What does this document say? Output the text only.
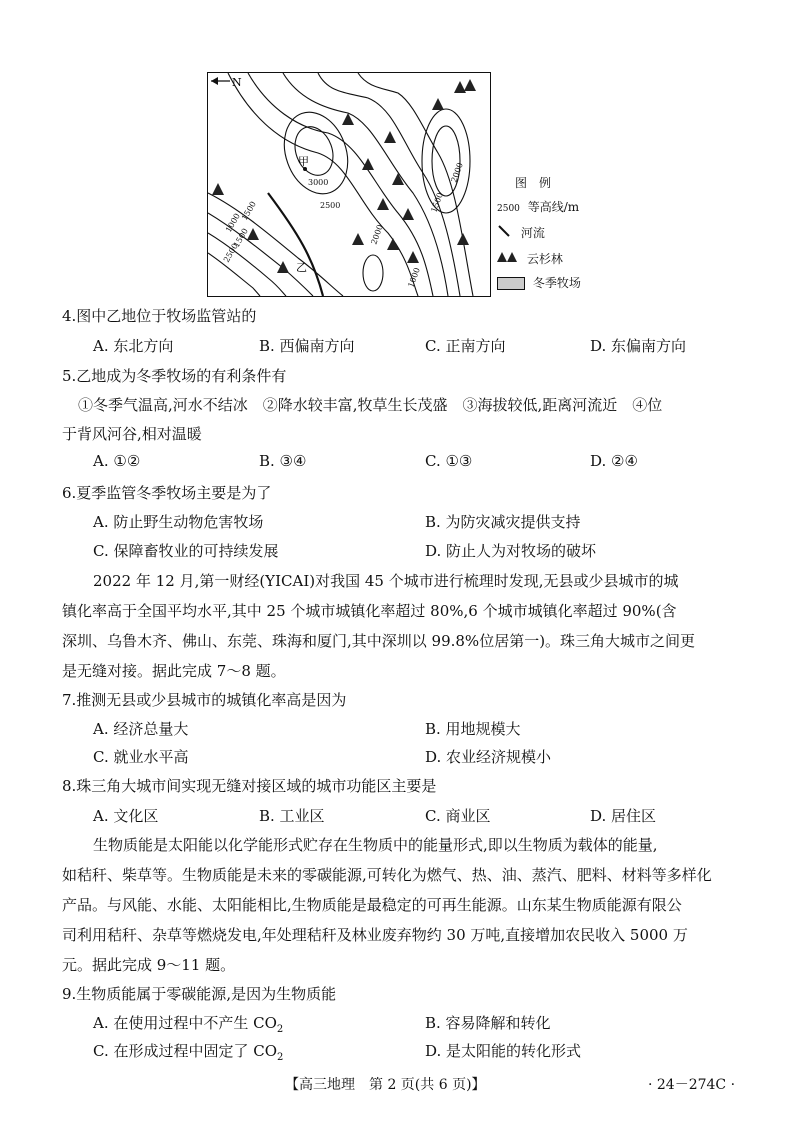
N
甲
乙
3000
2500
1500
1000
1500
2500
2000
1500
2000
1000
图　例
2500 等高线/m
河流
云杉林
冬季牧场
4.图中乙地位于牧场监管站的
A. 东北方向	B. 西偏南方向	C. 正南方向	D. 东偏南方向
5.乙地成为冬季牧场的有利条件有
①冬季气温高,河水不结冰　②降水较丰富,牧草生长茂盛　③海拔较低,距离河流近　④位
于背风河谷,相对温暖
A. ①②	B. ③④	C. ①③	D. ②④
6.夏季监管冬季牧场主要是为了
A. 防止野生动物危害牧场	B. 为防灾减灾提供支持
C. 保障畜牧业的可持续发展	D. 防止人为对牧场的破坏
2022 年 12 月,第一财经(YICAI)对我国 45 个城市进行梳理时发现,无县或少县城市的城
镇化率高于全国平均水平,其中 25 个城市城镇化率超过 80%,6 个城市城镇化率超过 90%(含
深圳、乌鲁木齐、佛山、东莞、珠海和厦门,其中深圳以 99.8%位居第一)。珠三角大城市之间更
是无缝对接。据此完成 7～8 题。
7.推测无县或少县城市的城镇化率高是因为
A. 经济总量大	B. 用地规模大
C. 就业水平高	D. 农业经济规模小
8.珠三角大城市间实现无缝对接区域的城市功能区主要是
A. 文化区	B. 工业区	C. 商业区	D. 居住区
生物质能是太阳能以化学能形式贮存在生物质中的能量形式,即以生物质为载体的能量,
如秸秆、柴草等。生物质能是未来的零碳能源,可转化为燃气、热、油、蒸汽、肥料、材料等多样化
产品。与风能、水能、太阳能相比,生物质能是最稳定的可再生能源。山东某生物质能源有限公
司利用秸秆、杂草等燃烧发电,年处理秸秆及林业废弃物约 30 万吨,直接增加农民收入 5000 万
元。据此完成 9～11 题。
9.生物质能属于零碳能源,是因为生物质能
A. 在使用过程中不产生 $CO_2$	B. 容易降解和转化
C. 在形成过程中固定了 $CO_2$	D. 是太阳能的转化形式
【高三地理　第 2 页(共 6 页)】	· 24－274C ·
